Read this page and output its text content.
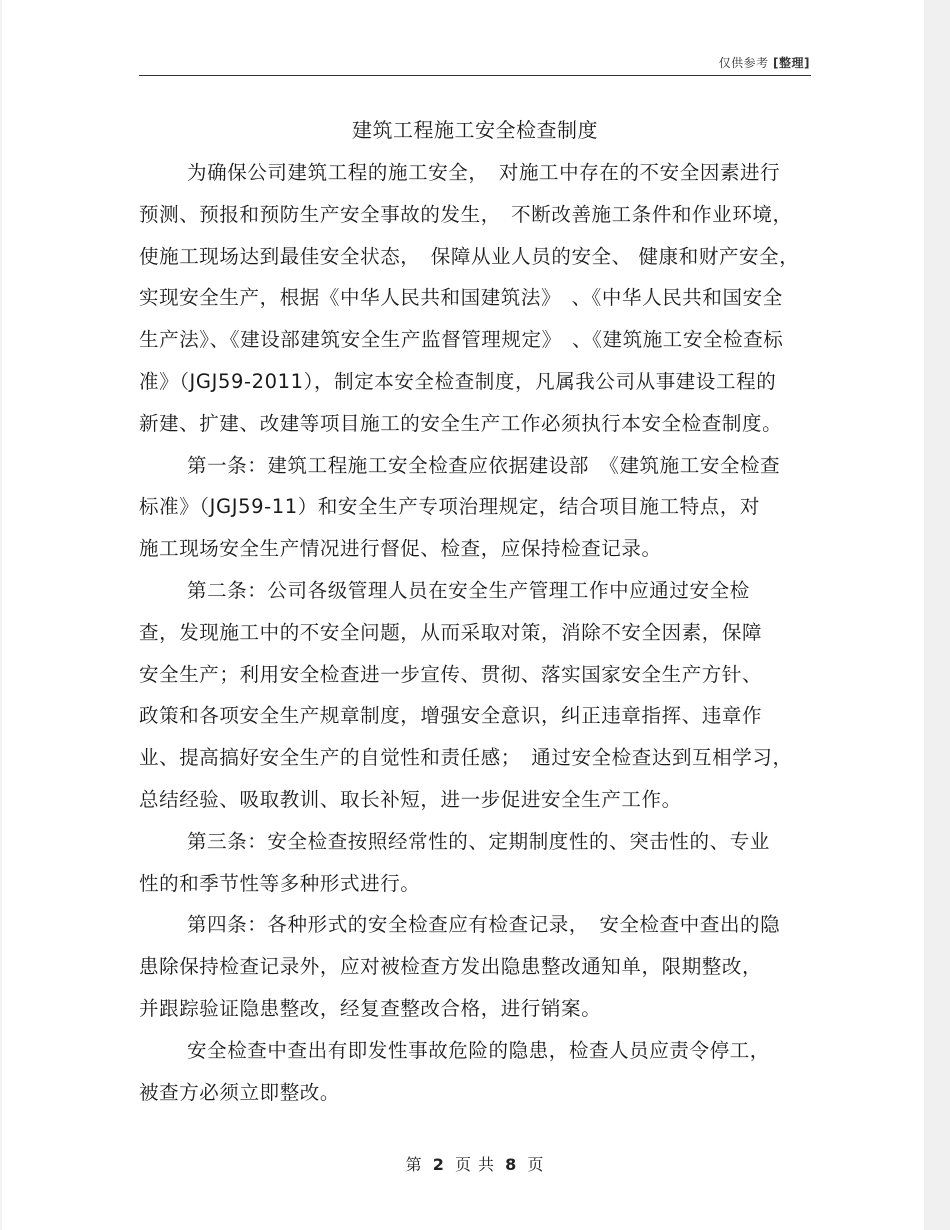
仅供参考 [整理]
建筑工程施工安全检查制度
为确保公司建筑工程的施工安全，　对施工中存在的不安全因素进行
预测、预报和预防生产安全事故的发生，　不断改善施工条件和作业环境，
使施工现场达到最佳安全状态，　保障从业人员的安全、 健康和财产安全，
实现安全生产，根据《中华人民共和国建筑法》　、《中华人民共和国安全
生产法》、《建设部建筑安全生产监督管理规定》　、《建筑施工安全检查标
准》（JGJ59-2011），制定本安全检查制度，凡属我公司从事建设工程的
新建、扩建、改建等项目施工的安全生产工作必须执行本安全检查制度。
第一条：建筑工程施工安全检查应依据建设部　《建筑施工安全检查
标准》（JGJ59-11）和安全生产专项治理规定，结合项目施工特点，对
施工现场安全生产情况进行督促、检查，应保持检查记录。
第二条：公司各级管理人员在安全生产管理工作中应通过安全检
查，发现施工中的不安全问题，从而采取对策，消除不安全因素，保障
安全生产；利用安全检查进一步宣传、贯彻、落实国家安全生产方针、
政策和各项安全生产规章制度，增强安全意识，纠正违章指挥、违章作
业、提高搞好安全生产的自觉性和责任感；　通过安全检查达到互相学习，
总结经验、吸取教训、取长补短，进一步促进安全生产工作。
第三条：安全检查按照经常性的、定期制度性的、突击性的、专业
性的和季节性等多种形式进行。
第四条：各种形式的安全检查应有检查记录，　安全检查中查出的隐
患除保持检查记录外，应对被检查方发出隐患整改通知单，限期整改，
并跟踪验证隐患整改，经复查整改合格，进行销案。
安全检查中查出有即发性事故危险的隐患，检查人员应责令停工，
被查方必须立即整改。
第 2 页 共 8 页
